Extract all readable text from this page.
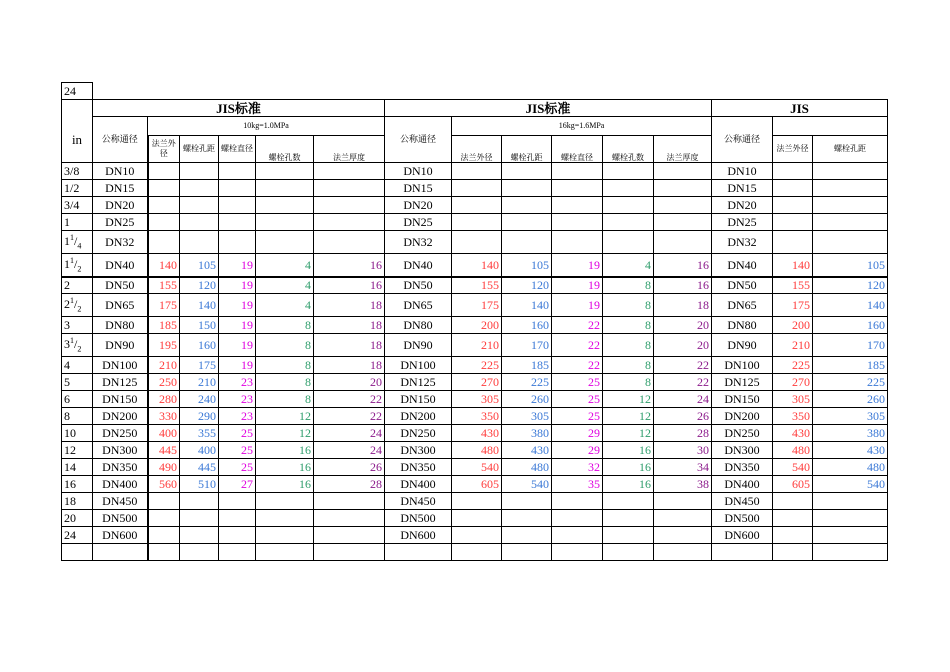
24															
	JIS标准						JIS标准						JIS		
in	公称通径	10kg=1.0MPa					公称通径	16kg=1.6MPa					公称通径		
		法兰外径	螺栓孔距	螺栓直径	螺栓孔数	法兰厚度		法兰外径	螺栓孔距	螺栓直径	螺栓孔数	法兰厚度		法兰外径	螺栓孔距
3/8	DN10						DN10						DN10		
1/2	DN15						DN15						DN15		
3/4	DN20						DN20						DN20		
1	DN25						DN25						DN25		
$1^1/_4$	DN32						DN32						DN32		
$1^1/_2$	DN40	140	105	19	4	16	DN40	140	105	19	4	16	DN40	140	105
2	DN50	155	120	19	4	16	DN50	155	120	19	8	16	DN50	155	120
$2^1/_2$	DN65	175	140	19	4	18	DN65	175	140	19	8	18	DN65	175	140
3	DN80	185	150	19	8	18	DN80	200	160	22	8	20	DN80	200	160
$3^1/_2$	DN90	195	160	19	8	18	DN90	210	170	22	8	20	DN90	210	170
4	DN100	210	175	19	8	18	DN100	225	185	22	8	22	DN100	225	185
5	DN125	250	210	23	8	20	DN125	270	225	25	8	22	DN125	270	225
6	DN150	280	240	23	8	22	DN150	305	260	25	12	24	DN150	305	260
8	DN200	330	290	23	12	22	DN200	350	305	25	12	26	DN200	350	305
10	DN250	400	355	25	12	24	DN250	430	380	29	12	28	DN250	430	380
12	DN300	445	400	25	16	24	DN300	480	430	29	16	30	DN300	480	430
14	DN350	490	445	25	16	26	DN350	540	480	32	16	34	DN350	540	480
16	DN400	560	510	27	16	28	DN400	605	540	35	16	38	DN400	605	540
18	DN450						DN450						DN450		
20	DN500						DN500						DN500		
24	DN600						DN600						DN600		
